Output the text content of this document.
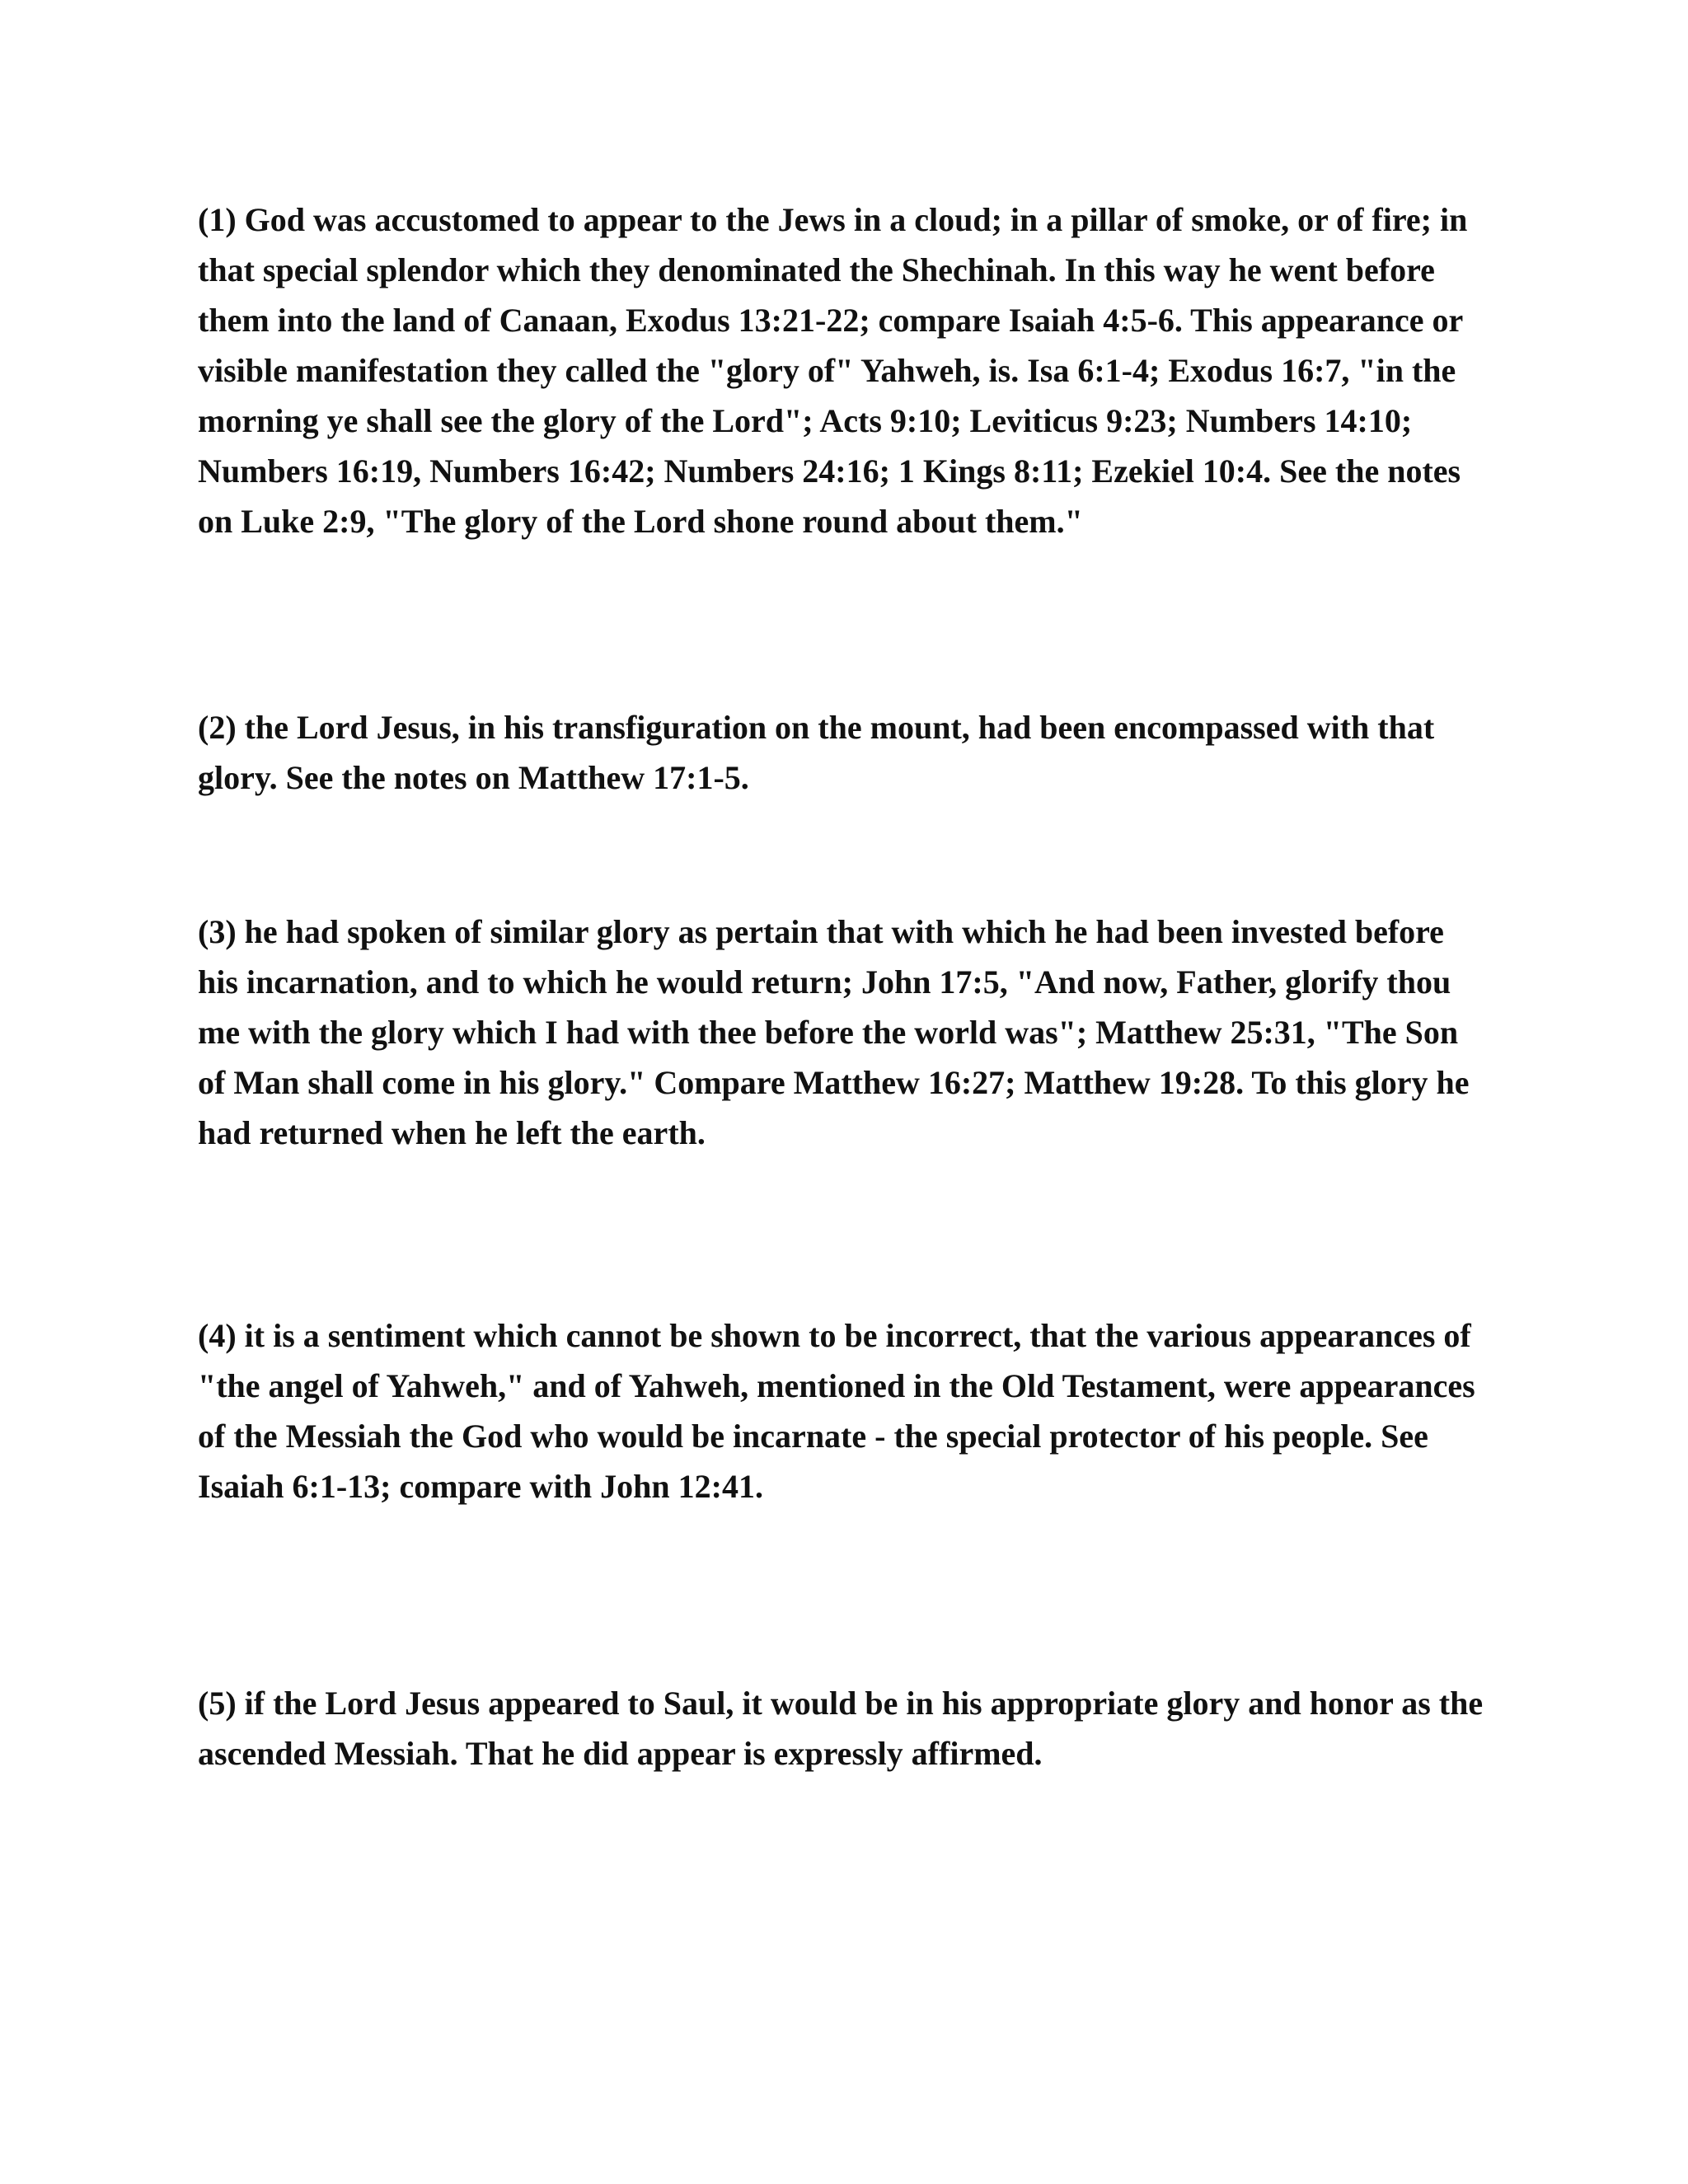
(1) God was accustomed to appear to the Jews in a cloud; in a pillar of smoke, or of fire; in that special splendor which they denominated the Shechinah. In this way he went before them into the land of Canaan, Exodus 13:21-22; compare Isaiah 4:5-6. This appearance or visible manifestation they called the "glory of" Yahweh, is. Isa 6:1-4; Exodus 16:7, "in the morning ye shall see the glory of the Lord"; Acts 9:10; Leviticus 9:23; Numbers 14:10; Numbers 16:19, Numbers 16:42; Numbers 24:16; 1 Kings 8:11; Ezekiel 10:4. See the notes on Luke 2:9, "The glory of the Lord shone round about them."

(2) the Lord Jesus, in his transfiguration on the mount, had been encompassed with that glory. See the notes on Matthew 17:1-5.

(3) he had spoken of similar glory as pertain that with which he had been invested before his incarnation, and to which he would return; John 17:5, "And now, Father, glorify thou me with the glory which I had with thee before the world was"; Matthew 25:31, "The Son of Man shall come in his glory." Compare Matthew 16:27; Matthew 19:28. To this glory he had returned when he left the earth.

(4) it is a sentiment which cannot be shown to be incorrect, that the various appearances of "the angel of Yahweh," and of Yahweh, mentioned in the Old Testament, were appearances of the Messiah the God who would be incarnate - the special protector of his people. See Isaiah 6:1-13; compare with John 12:41.

(5) if the Lord Jesus appeared to Saul, it would be in his appropriate glory and honor as the ascended Messiah. That he did appear is expressly affirmed.
